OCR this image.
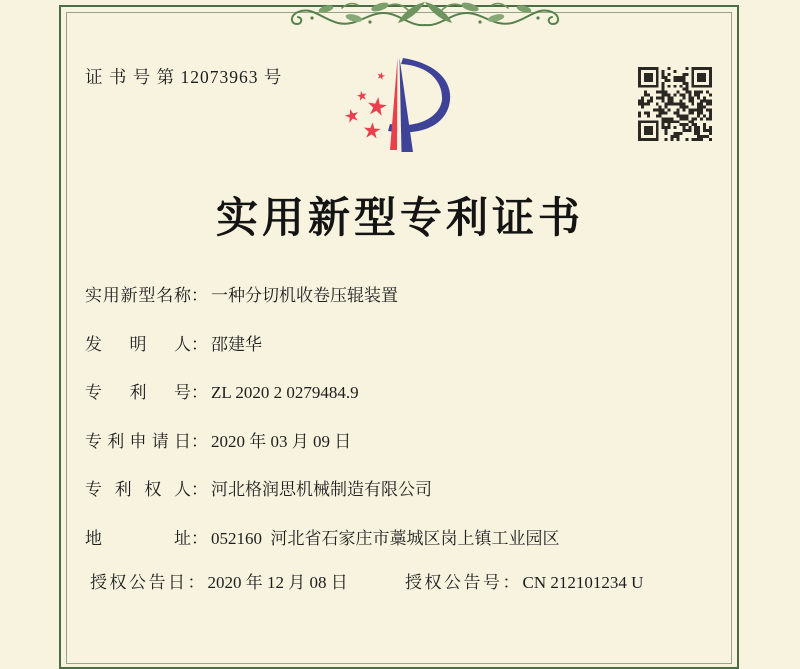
证 书 号 第 12073963 号
实用新型专利证书
实 用 新 型 名 称 ： 一种分切机收卷压辊装置
发 明 人 ： 邵建华
专 利 号 ： ZL 2020 2 0279484.9
专 利 申 请 日 ： 2020 年 03 月 09 日
专 利 权 人 ： 河北格润思机械制造有限公司
地	址 ： 052160  河北省石家庄市藁城区岗上镇工业园区
授权公告日： 2020 年 12 月 08 日	授权公告号： CN 212101234 U
